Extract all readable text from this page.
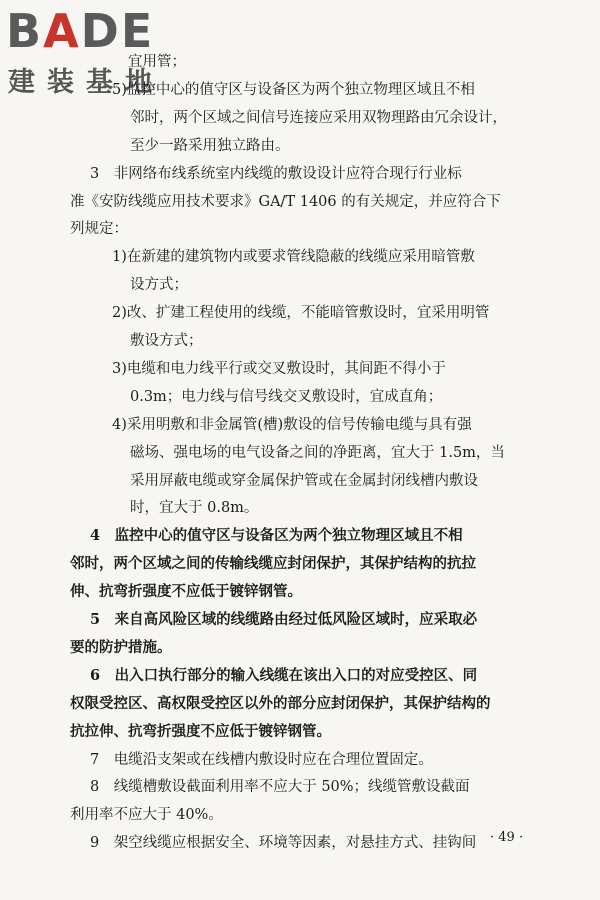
BADE
建装基地
宜用管；
5)监控中心的值守区与设备区为两个独立物理区域且不相
邻时，两个区域之间信号连接应采用双物理路由冗余设计，
至少一路采用独立路由。
3　非网络布线系统室内线缆的敷设设计应符合现行行业标
准《安防线缆应用技术要求》GA/T 1406 的有关规定，并应符合下
列规定：
1)在新建的建筑物内或要求管线隐蔽的线缆应采用暗管敷
设方式；
2)改、扩建工程使用的线缆，不能暗管敷设时，宜采用明管
敷设方式；
3)电缆和电力线平行或交叉敷设时，其间距不得小于
0.3m；电力线与信号线交叉敷设时，宜成直角；
4)采用明敷和非金属管(槽)敷设的信号传输电缆与具有强
磁场、强电场的电气设备之间的净距离，宜大于 1.5m，当
采用屏蔽电缆或穿金属保护管或在金属封闭线槽内敷设
时，宜大于 0.8m。
4　监控中心的值守区与设备区为两个独立物理区域且不相
邻时，两个区域之间的传输线缆应封闭保护，其保护结构的抗拉
伸、抗弯折强度不应低于镀锌钢管。
5　来自高风险区域的线缆路由经过低风险区域时，应采取必
要的防护措施。
6　出入口执行部分的输入线缆在该出入口的对应受控区、同
权限受控区、高权限受控区以外的部分应封闭保护，其保护结构的
抗拉伸、抗弯折强度不应低于镀锌钢管。
7　电缆沿支架或在线槽内敷设时应在合理位置固定。
8　线缆槽敷设截面利用率不应大于 50%；线缆管敷设截面
利用率不应大于 40%。
9　架空线缆应根据安全、环境等因素，对悬挂方式、挂钩间 · 49 ·
